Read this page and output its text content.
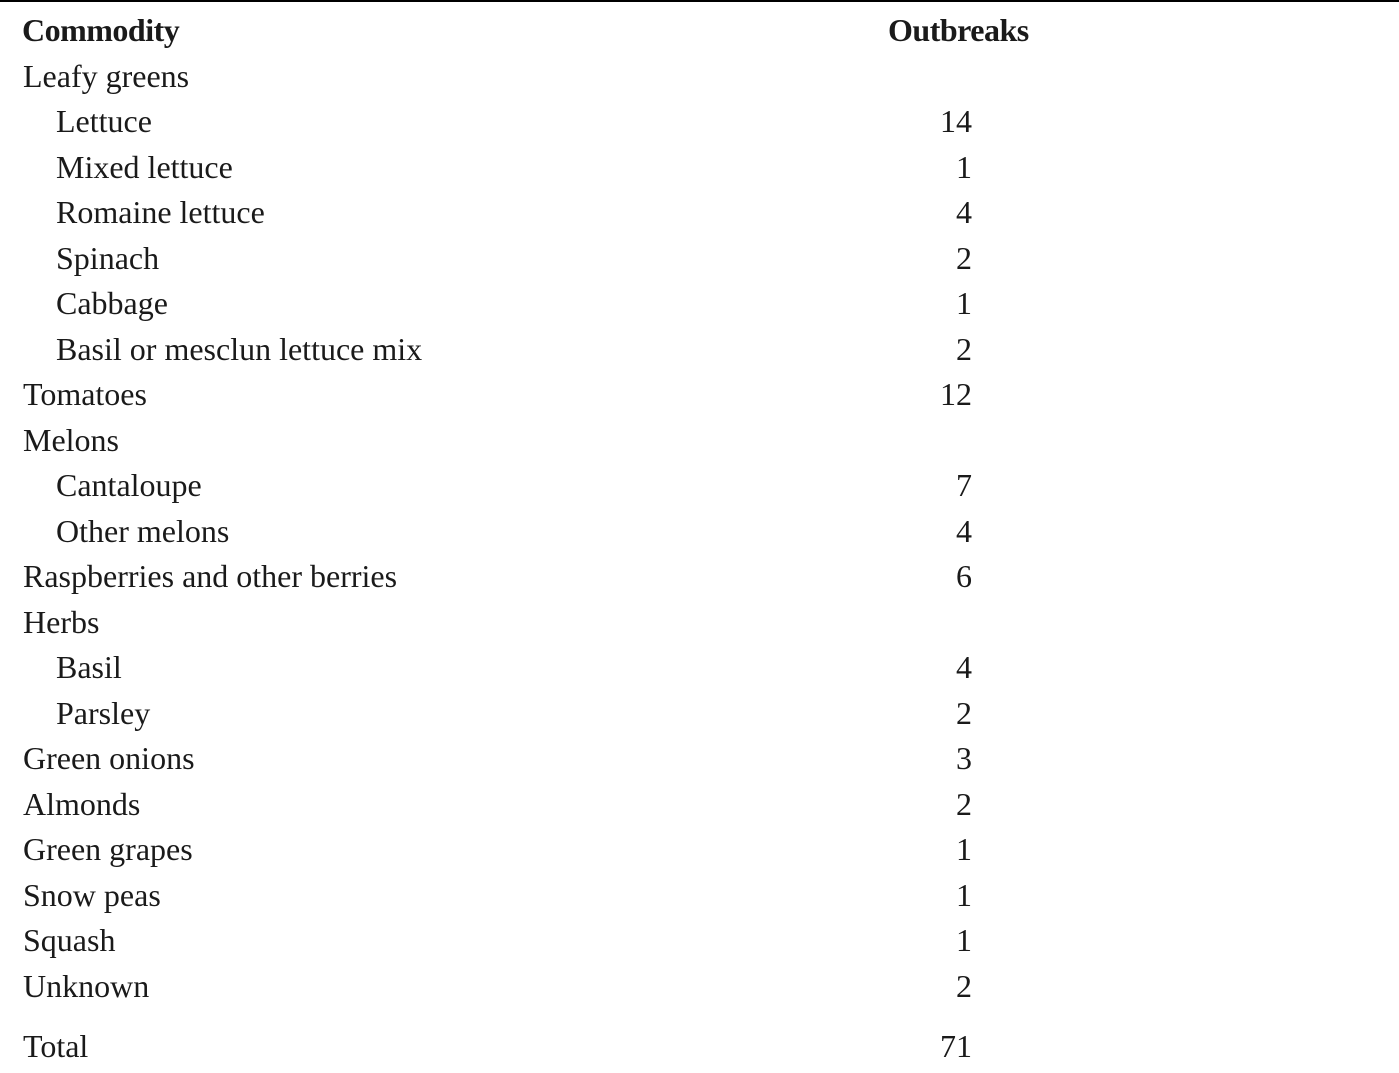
Commodity	Outbreaks
Leafy greens
Lettuce	14
Mixed lettuce	1
Romaine lettuce	4
Spinach	2
Cabbage	1
Basil or mesclun lettuce mix	2
Tomatoes	12
Melons
Cantaloupe	7
Other melons	4
Raspberries and other berries	6
Herbs
Basil	4
Parsley	2
Green onions	3
Almonds	2
Green grapes	1
Snow peas	1
Squash	1
Unknown	2
Total	71
